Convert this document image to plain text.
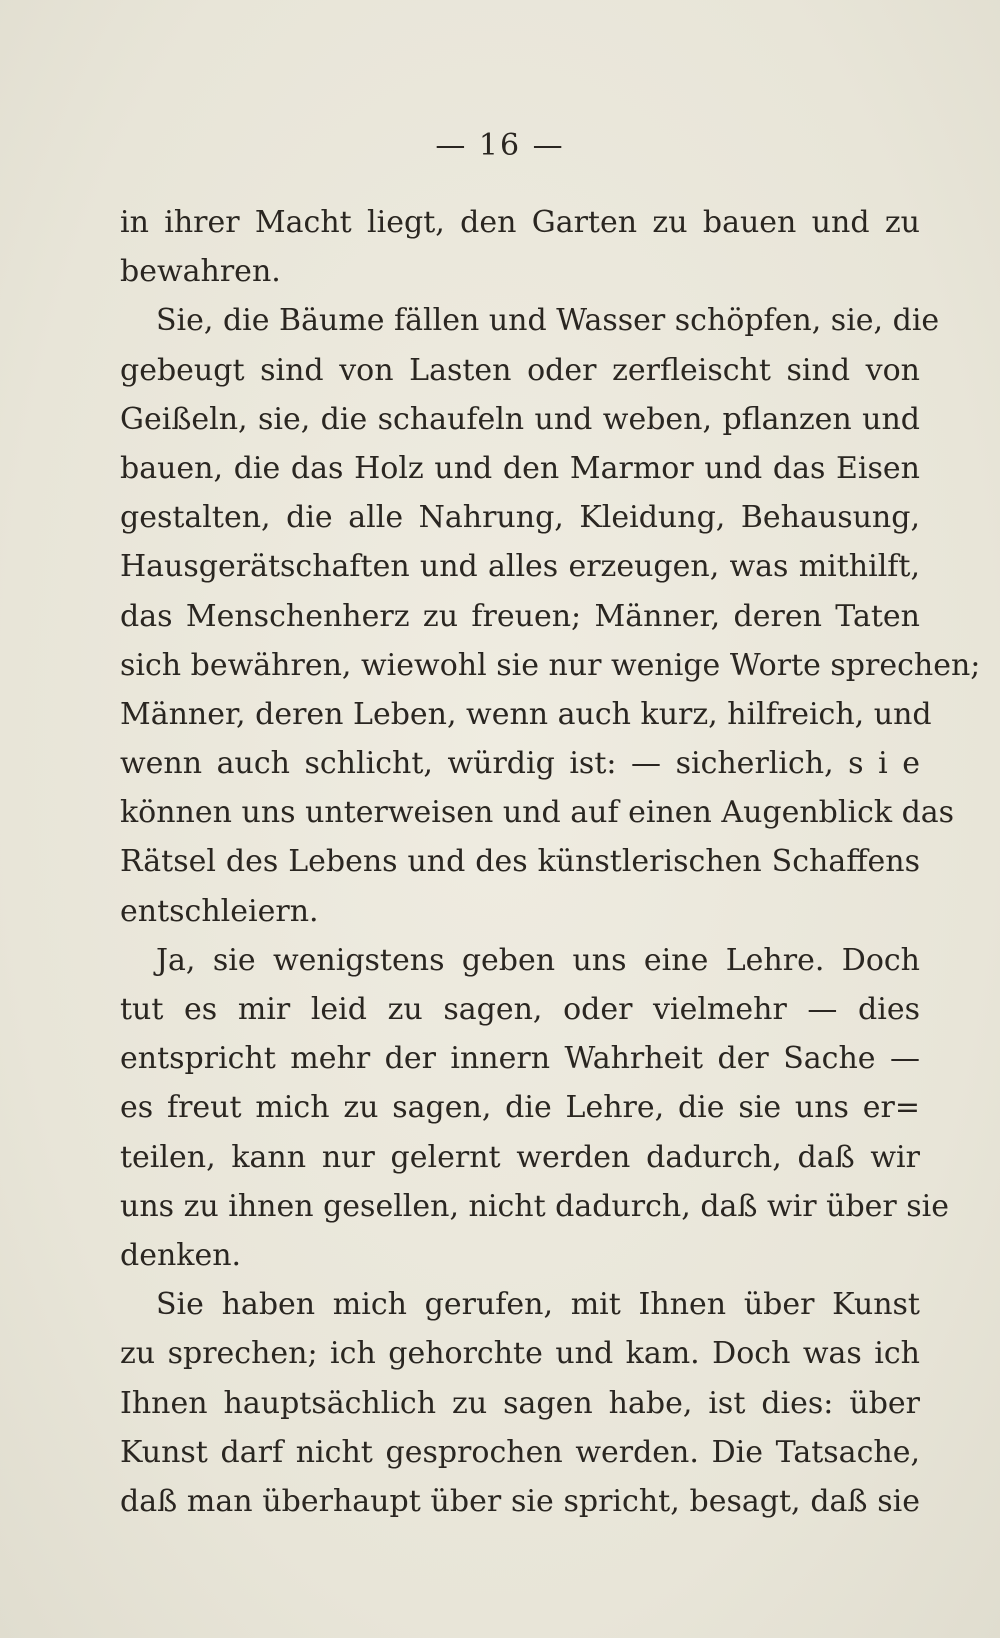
— 16 —
in ihrer Macht liegt, den Garten zu bauen und zu
bewahren.
Sie, die Bäume fällen und Wasser schöpfen, sie, die
gebeugt sind von Lasten oder zerfleischt sind von
Geißeln, sie, die schaufeln und weben, pflanzen und
bauen, die das Holz und den Marmor und das Eisen
gestalten, die alle Nahrung, Kleidung, Behausung,
Hausgerätschaften und alles erzeugen, was mithilft,
das Menschenherz zu freuen; Männer, deren Taten
sich bewähren, wiewohl sie nur wenige Worte sprechen;
Männer, deren Leben, wenn auch kurz, hilfreich, und
wenn auch schlicht, würdig ist: — sicherlich, s i e
können uns unterweisen und auf einen Augenblick das
Rätsel des Lebens und des künstlerischen Schaffens
entschleiern.
Ja, sie wenigstens geben uns eine Lehre. Doch
tut es mir leid zu sagen, oder vielmehr — dies
entspricht mehr der innern Wahrheit der Sache —
es freut mich zu sagen, die Lehre, die sie uns er=
teilen, kann nur gelernt werden dadurch, daß wir
uns zu ihnen gesellen, nicht dadurch, daß wir über sie
denken.
Sie haben mich gerufen, mit Ihnen über Kunst
zu sprechen; ich gehorchte und kam. Doch was ich
Ihnen hauptsächlich zu sagen habe, ist dies: über
Kunst darf nicht gesprochen werden. Die Tatsache,
daß man überhaupt über sie spricht, besagt, daß sie
